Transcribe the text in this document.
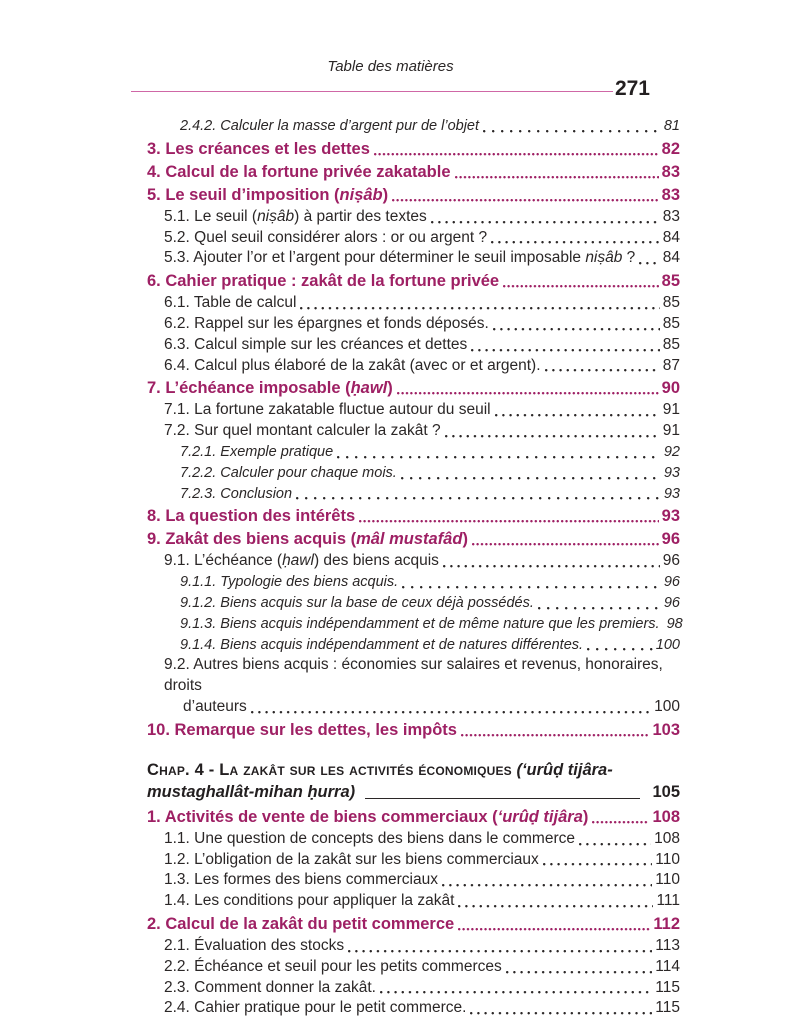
Table des matières
271
2.4.2. Calculer la masse d’argent pur de l’objet	81
3. Les créances et les dettes	82
4. Calcul de la fortune privée zakatable	83
5. Le seuil d’imposition (niṣâb)	83
5.1. Le seuil (niṣâb) à partir des textes	83
5.2. Quel seuil considérer alors : or ou argent ?	84
5.3. Ajouter l’or et l’argent pour déterminer le seuil imposable niṣâb ? 84
6. Cahier pratique : zakât de la fortune privée	85
6.1. Table de calcul	85
6.2. Rappel sur les épargnes et fonds déposés.	85
6.3. Calcul simple sur les créances et dettes	85
6.4. Calcul plus élaboré de la zakât (avec or et argent).	87
7. L’échéance imposable (ḥawl)	90
7.1. La fortune zakatable fluctue autour du seuil	91
7.2. Sur quel montant calculer la zakât ?	91
7.2.1. Exemple pratique	92
7.2.2. Calculer pour chaque mois.	93
7.2.3. Conclusion	93
8. La question des intérêts	93
9. Zakât des biens acquis (mâl mustafâd)	96
9.1. L’échéance (ḥawl) des biens acquis	96
9.1.1. Typologie des biens acquis.	96
9.1.2. Biens acquis sur la base de ceux déjà possédés.	96
9.1.3. Biens acquis indépendamment et de même nature que les premiers. 98
9.1.4. Biens acquis indépendamment et de natures différentes.	100
9.2. Autres biens acquis : économies sur salaires et revenus, honoraires, droits
d’auteurs	100
10. Remarque sur les dettes, les impôts	103
Chap. 4 - La zakât sur les activités économiques (‘urûḍ tijâra-
mustaghallât-mihan ḥurra)	105
1. Activités de vente de biens commerciaux (‘urûḍ tijâra)	108
1.1. Une question de concepts des biens dans le commerce	108
1.2. L’obligation de la zakât sur les biens commerciaux	110
1.3. Les formes des biens commerciaux	110
1.4. Les conditions pour appliquer la zakât	111
2. Calcul de la zakât du petit commerce	112
2.1. Évaluation des stocks	113
2.2. Échéance et seuil pour les petits commerces	114
2.3. Comment donner la zakât.	115
2.4. Cahier pratique pour le petit commerce.	115
